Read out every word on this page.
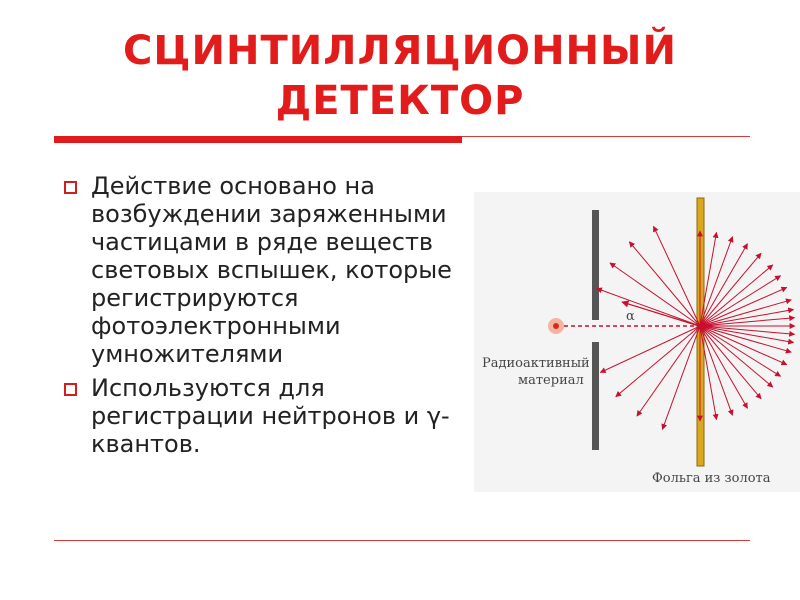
СЦИНТИЛЛЯЦИОННЫЙ
ДЕТЕКТОР
Действие основано на возбуждении заряженными частицами в ряде веществ световых вспышек, которые регистрируются фотоэлектронными умножителями
Используются для регистрации нейтронов и γ-квантов.
α
Радиоактивный
материал
Фольга из золота
